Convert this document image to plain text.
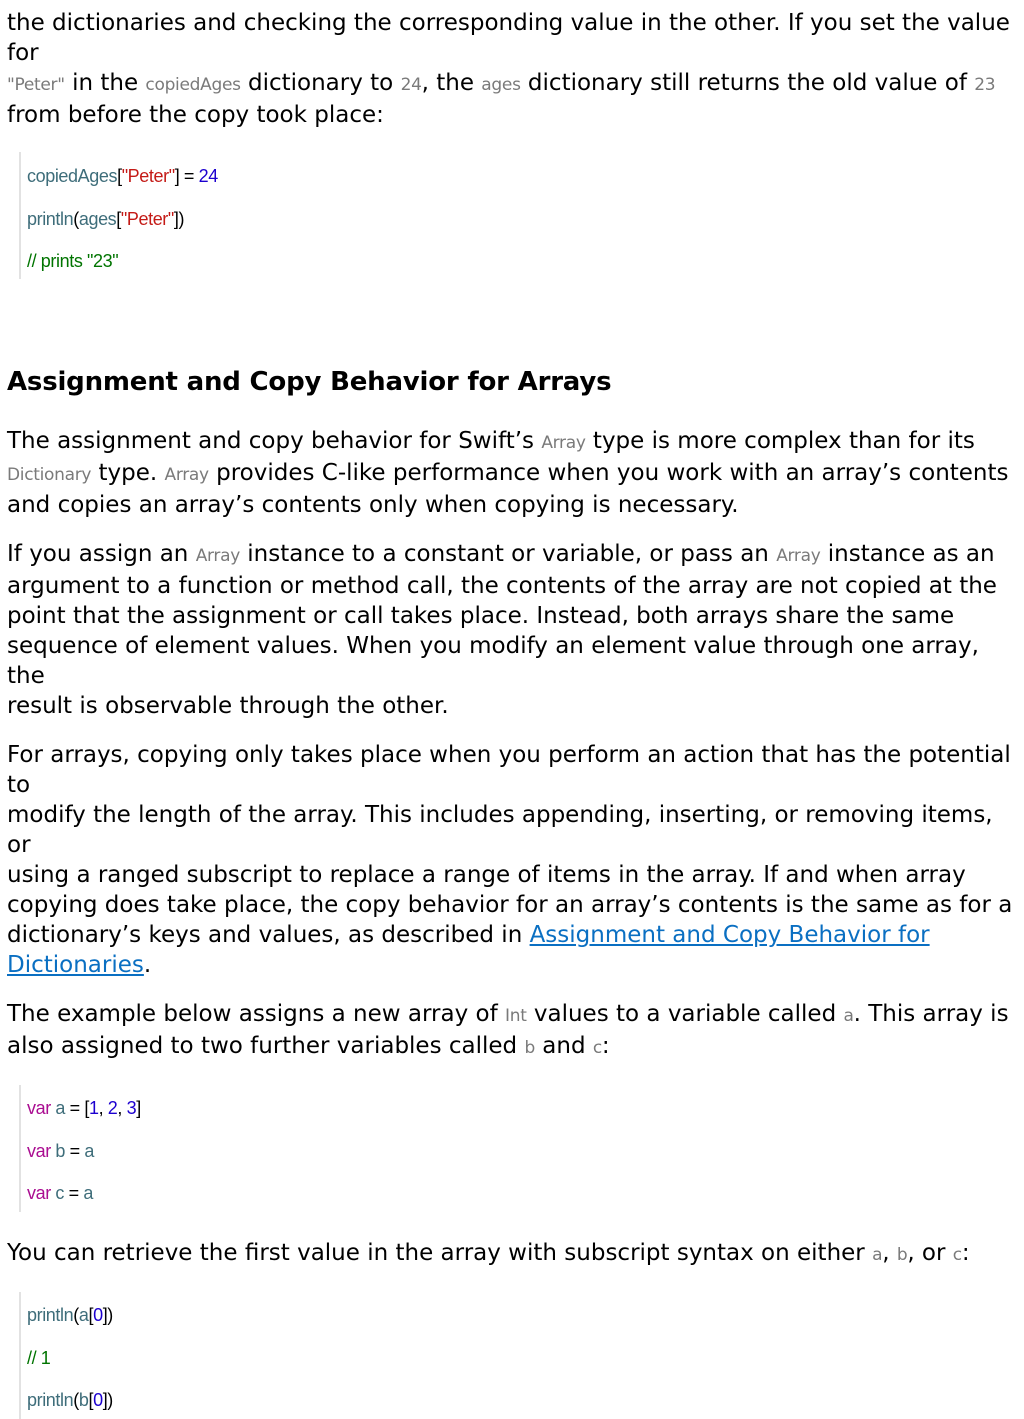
the dictionaries and checking the corresponding value in the other. If you set the value for

"Peter" in the copiedAges dictionary to 24, the ages dictionary still returns the old value of 23

from before the copy took place:

copiedAges["Peter"] = 24
println(ages["Peter"])
// prints "23"
Assignment and Copy Behavior for Arrays

The assignment and copy behavior for Swift’s Array type is more complex than for its

Dictionary type. Array provides C-like performance when you work with an array’s contents

and copies an array’s contents only when copying is necessary.

If you assign an Array instance to a constant or variable, or pass an Array instance as an

argument to a function or method call, the contents of the array are not copied at the

point that the assignment or call takes place. Instead, both arrays share the same

sequence of element values. When you modify an element value through one array, the

result is observable through the other.

For arrays, copying only takes place when you perform an action that has the potential to

modify the length of the array. This includes appending, inserting, or removing items, or

using a ranged subscript to replace a range of items in the array. If and when array

copying does take place, the copy behavior for an array’s contents is the same as for a

dictionary’s keys and values, as described in Assignment and Copy Behavior for

Dictionaries.

The example below assigns a new array of Int values to a variable called a. This array is

also assigned to two further variables called b and c:

var a = [1, 2, 3]
var b = a
var c = a

You can retrieve the first value in the array with subscript syntax on either a, b, or c:

println(a[0])
// 1
println(b[0])
